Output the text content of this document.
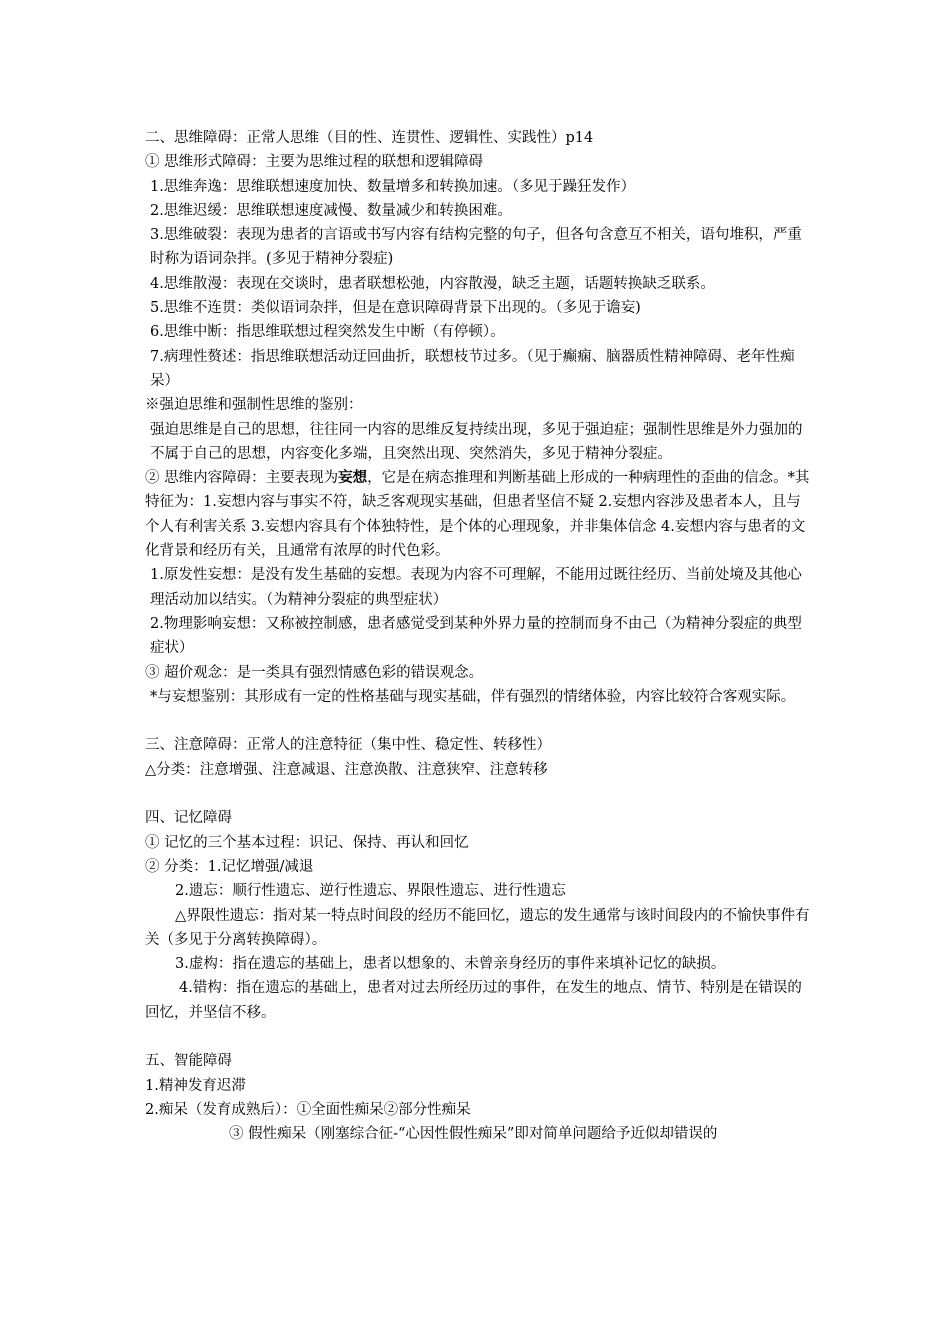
二、思维障碍：正常人思维（目的性、连贯性、逻辑性、实践性）p14

① 思维形式障碍：主要为思维过程的联想和逻辑障碍

1.思维奔逸：思维联想速度加快、数量增多和转换加速。（多见于躁狂发作）

2.思维迟缓：思维联想速度减慢、数量减少和转换困难。

3.思维破裂：表现为患者的言语或书写内容有结构完整的句子，但各句含意互不相关，语句堆积，严重时称为语词杂拌。(多见于精神分裂症)

4.思维散漫：表现在交谈时，患者联想松弛，内容散漫，缺乏主题，话题转换缺乏联系。

5.思维不连贯：类似语词杂拌，但是在意识障碍背景下出现的。（多见于谵妄)

6.思维中断：指思维联想过程突然发生中断（有停顿）。

7.病理性赘述：指思维联想活动迂回曲折，联想枝节过多。（见于癫痫、脑器质性精神障碍、老年性痴呆）

※强迫思维和强制性思维的鉴别：

强迫思维是自己的思想，往往同一内容的思维反复持续出现，多见于强迫症；强制性思维是外力强加的不属于自己的思想，内容变化多端，且突然出现、突然消失，多见于精神分裂症。

② 思维内容障碍：主要表现为妄想，它是在病态推理和判断基础上形成的一种病理性的歪曲的信念。*其特征为：1.妄想内容与事实不符，缺乏客观现实基础，但患者坚信不疑 2.妄想内容涉及患者本人，且与个人有利害关系 3.妄想内容具有个体独特性，是个体的心理现象，并非集体信念 4.妄想内容与患者的文化背景和经历有关，且通常有浓厚的时代色彩。

1.原发性妄想：是没有发生基础的妄想。表现为内容不可理解，不能用过既往经历、当前处境及其他心理活动加以结实。（为精神分裂症的典型症状）

2.物理影响妄想：又称被控制感，患者感觉受到某种外界力量的控制而身不由己（为精神分裂症的典型症状）

③ 超价观念：是一类具有强烈情感色彩的错误观念。

*与妄想鉴别：其形成有一定的性格基础与现实基础，伴有强烈的情绪体验，内容比较符合客观实际。

三、注意障碍：正常人的注意特征（集中性、稳定性、转移性）

△分类：注意增强、注意减退、注意涣散、注意狭窄、注意转移

四、记忆障碍

① 记忆的三个基本过程：识记、保持、再认和回忆

② 分类：1.记忆增强/减退

2.遗忘：顺行性遗忘、逆行性遗忘、界限性遗忘、进行性遗忘

△界限性遗忘：指对某一特点时间段的经历不能回忆，遗忘的发生通常与该时间段内的不愉快事件有关（多见于分离转换障碍）。

3.虚构：指在遗忘的基础上，患者以想象的、未曾亲身经历的事件来填补记忆的缺损。

4.错构：指在遗忘的基础上，患者对过去所经历过的事件，在发生的地点、情节、特别是在错误的回忆，并坚信不移。

五、智能障碍

1.精神发育迟滞

2.痴呆（发育成熟后）：①全面性痴呆②部分性痴呆

③ 假性痴呆（刚塞综合征-“心因性假性痴呆”即对简单问题给予近似却错误的
